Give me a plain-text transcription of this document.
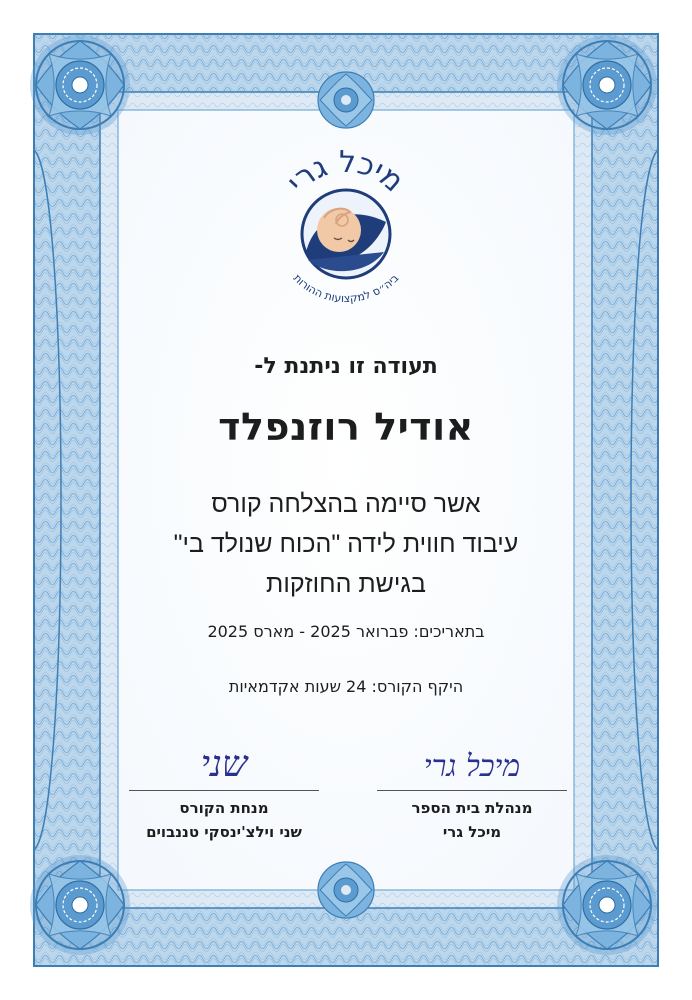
מיכל גרי
ביה״ס למקצועות ההורות
תעודה זו ניתנת ל-
אודיל רוזנפלד
אשר סיימה בהצלחה קורס
עיבוד חווית לידה "הכוח שנולד בי"
בגישת החוזקות
בתאריכים: פברואר 2025 - מארס 2025
היקף הקורס: 24 שעות אקדמאיות
מיכל גרי
מנהלת בית הספר
מיכל גרי
שני
מנחת הקורס
שני וילצ'ינסקי טננבוים
